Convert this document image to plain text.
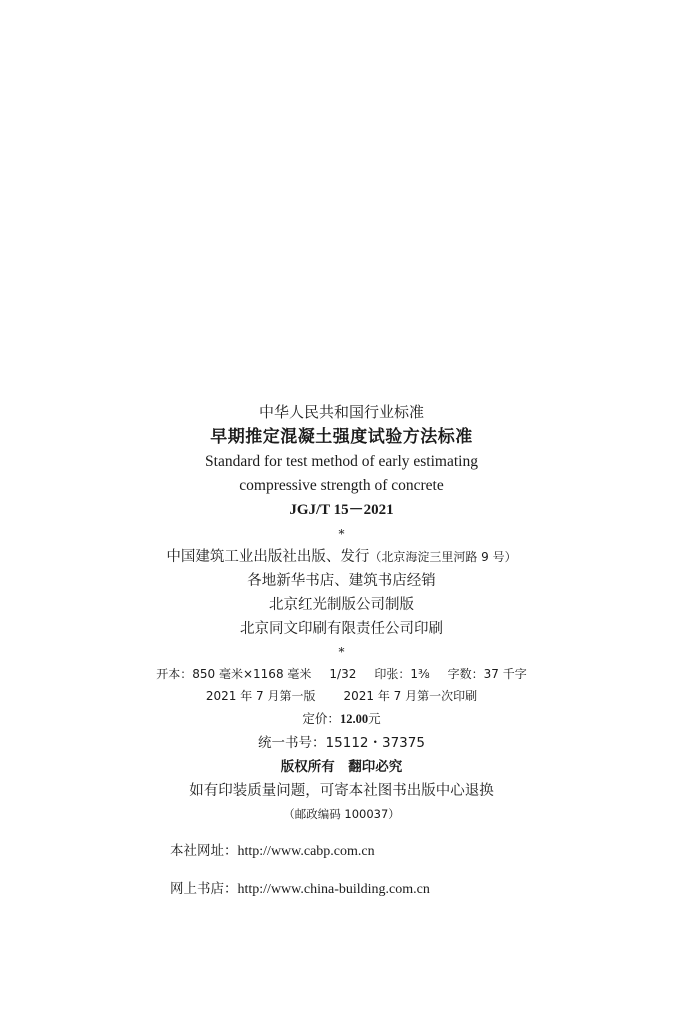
中华人民共和国行业标准

早期推定混凝土强度试验方法标准

Standard for test method of early estimating

compressive strength of concrete

JGJ/T 15－2021

*

中国建筑工业出版社出版、发行（北京海淀三里河路 9 号）

各地新华书店、建筑书店经销

北京红光制版公司制版

北京同文印刷有限责任公司印刷

*

开本：850 毫米×1168 毫米 1/32 印张：1⅜ 字数：37 千字

2021 年 7 月第一版 2021 年 7 月第一次印刷

定价：12.00元

统一书号：15112・37375

版权所有　翻印必究

如有印装质量问题，可寄本社图书出版中心退换

（邮政编码 100037）

本社网址：http://www.cabp.com.cn

网上书店：http://www.china-building.com.cn
